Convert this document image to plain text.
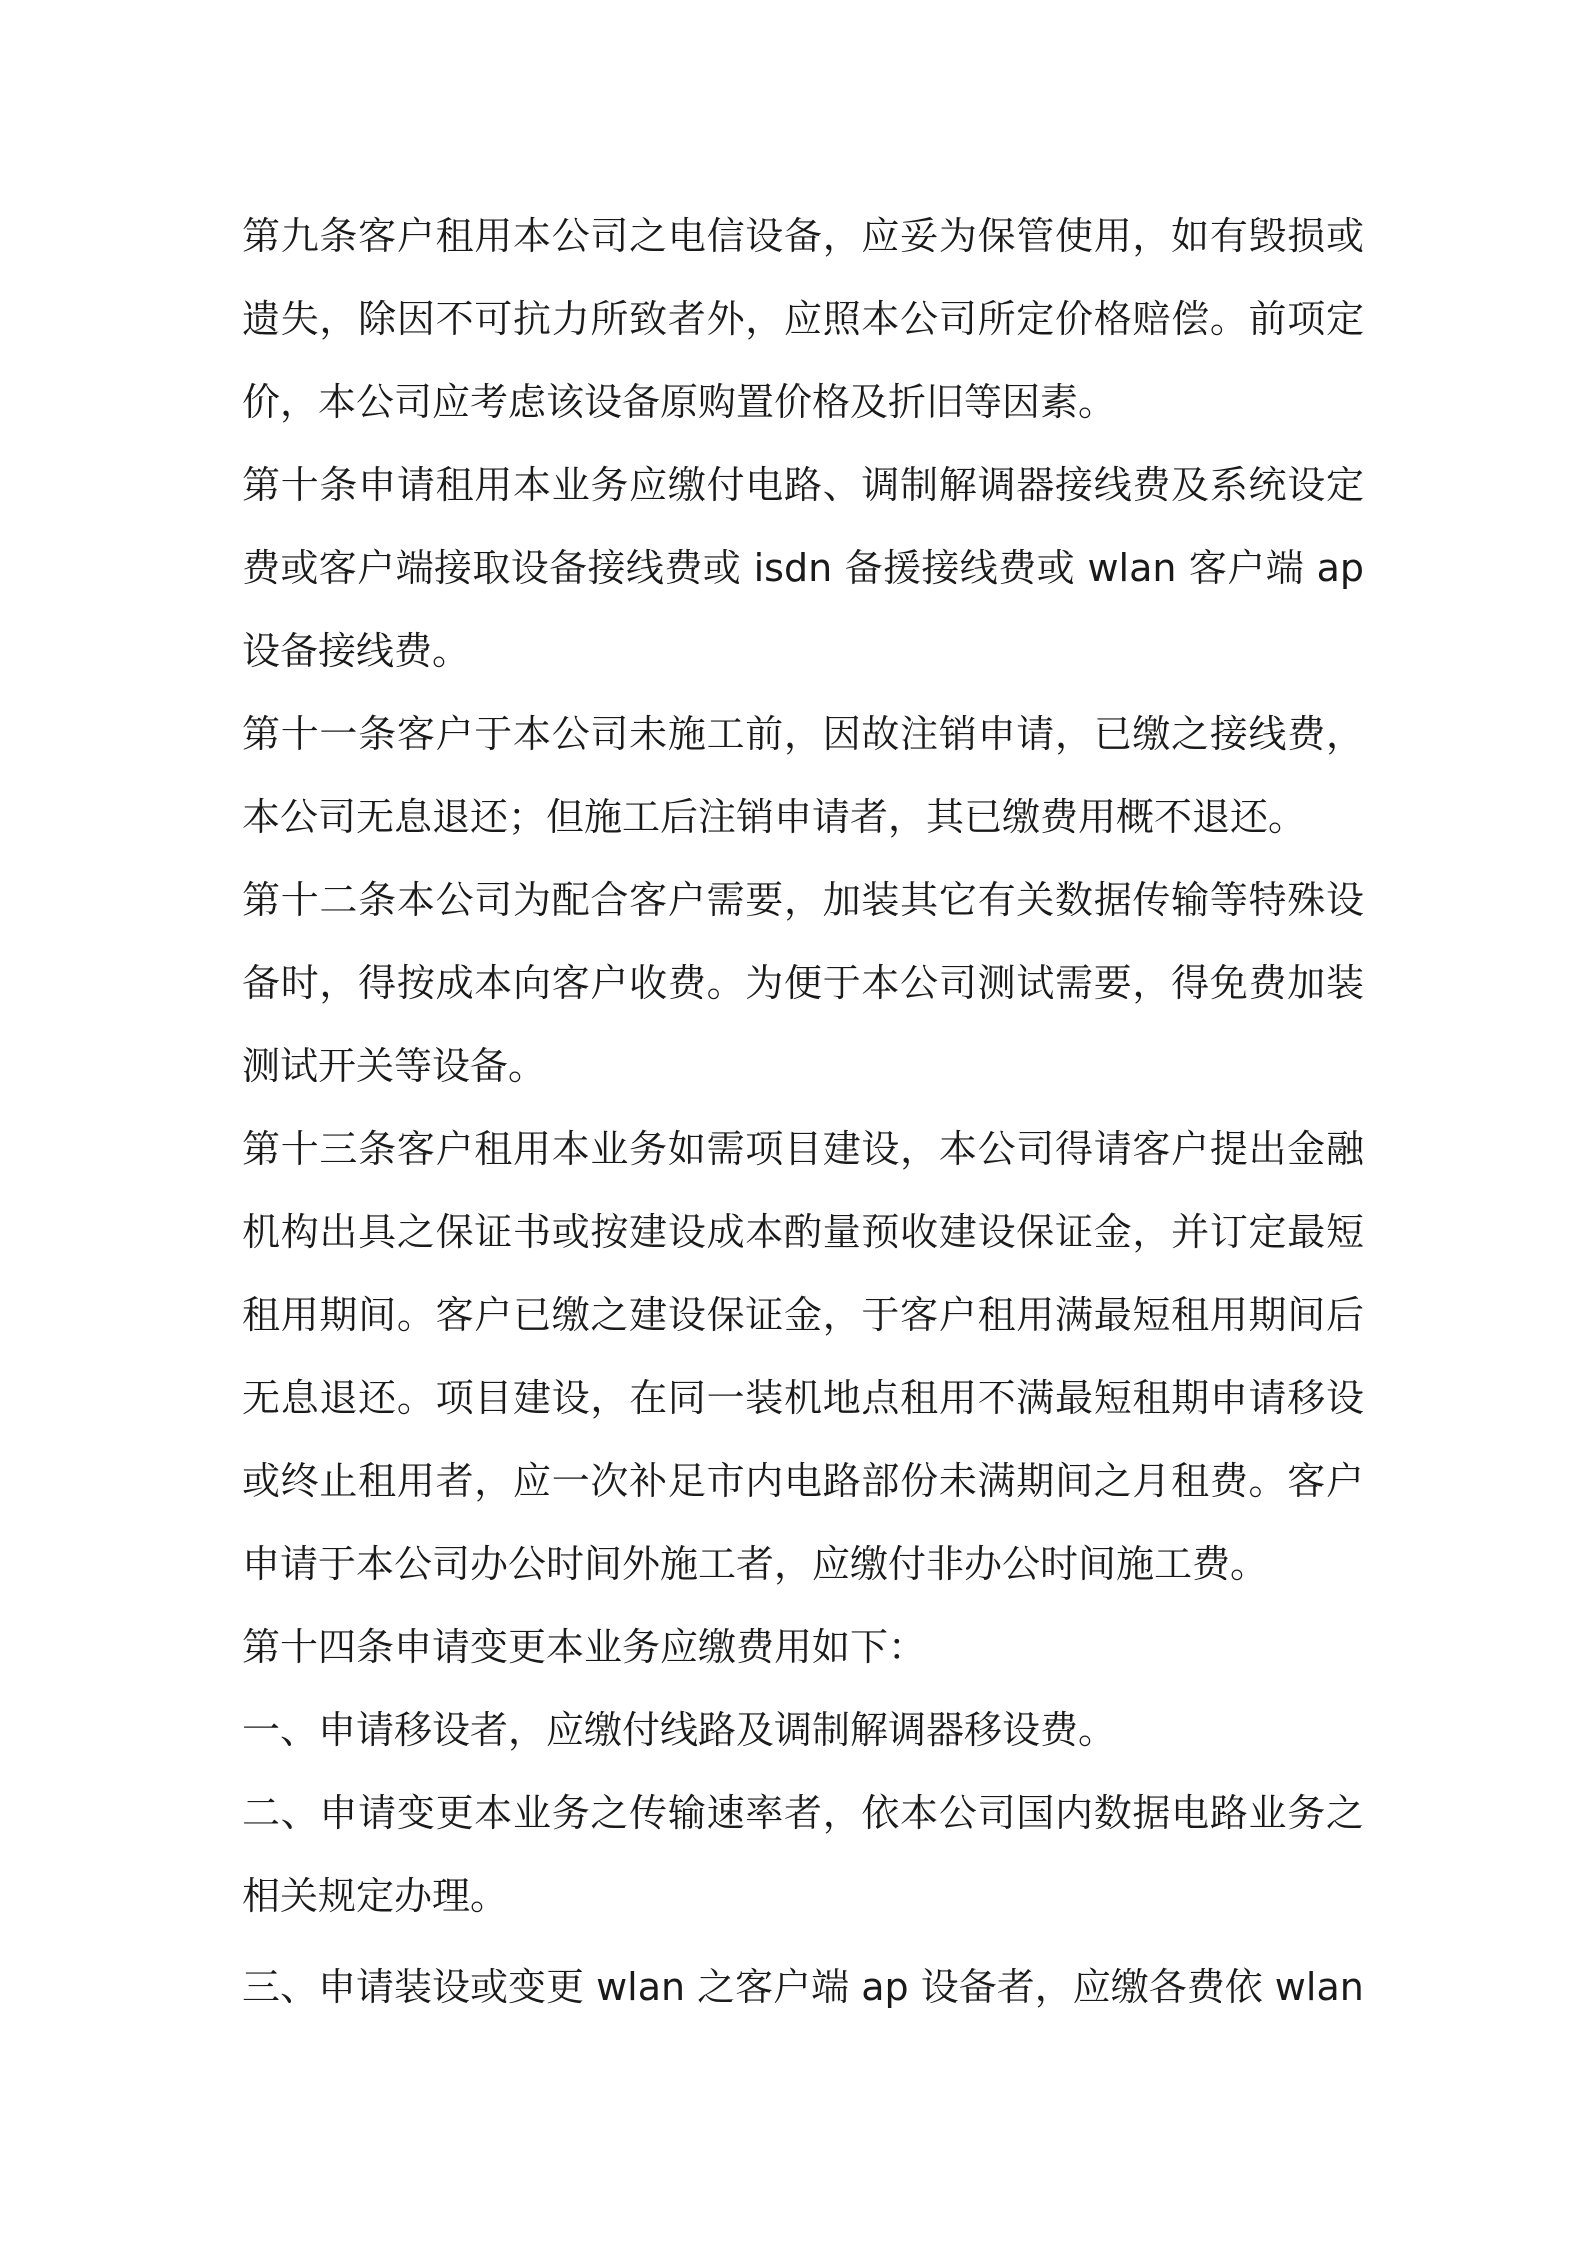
第九条客户租用本公司之电信设备，应妥为保管使用，如有毁损或遗失，除因不可抗力所致者外，应照本公司所定价格赔偿。前项定价，本公司应考虑该设备原购置价格及折旧等因素。

第十条申请租用本业务应缴付电路、调制解调器接线费及系统设定费或客户端接取设备接线费或 isdn 备援接线费或 wlan 客户端 ap 设备接线费。

第十一条客户于本公司未施工前，因故注销申请，已缴之接线费，本公司无息退还；但施工后注销申请者，其已缴费用概不退还。

第十二条本公司为配合客户需要，加装其它有关数据传输等特殊设备时，得按成本向客户收费。为便于本公司测试需要，得免费加装测试开关等设备。

第十三条客户租用本业务如需项目建设，本公司得请客户提出金融机构出具之保证书或按建设成本酌量预收建设保证金，并订定最短租用期间。客户已缴之建设保证金，于客户租用满最短租用期间后无息退还。项目建设，在同一装机地点租用不满最短租期申请移设或终止租用者，应一次补足市内电路部份未满期间之月租费。客户申请于本公司办公时间外施工者，应缴付非办公时间施工费。

第十四条申请变更本业务应缴费用如下：

一、申请移设者，应缴付线路及调制解调器移设费。

二、申请变更本业务之传输速率者，依本公司国内数据电路业务之相关规定办理。

三、申请装设或变更 wlan 之客户端 ap 设备者，应缴各费依 wlan
